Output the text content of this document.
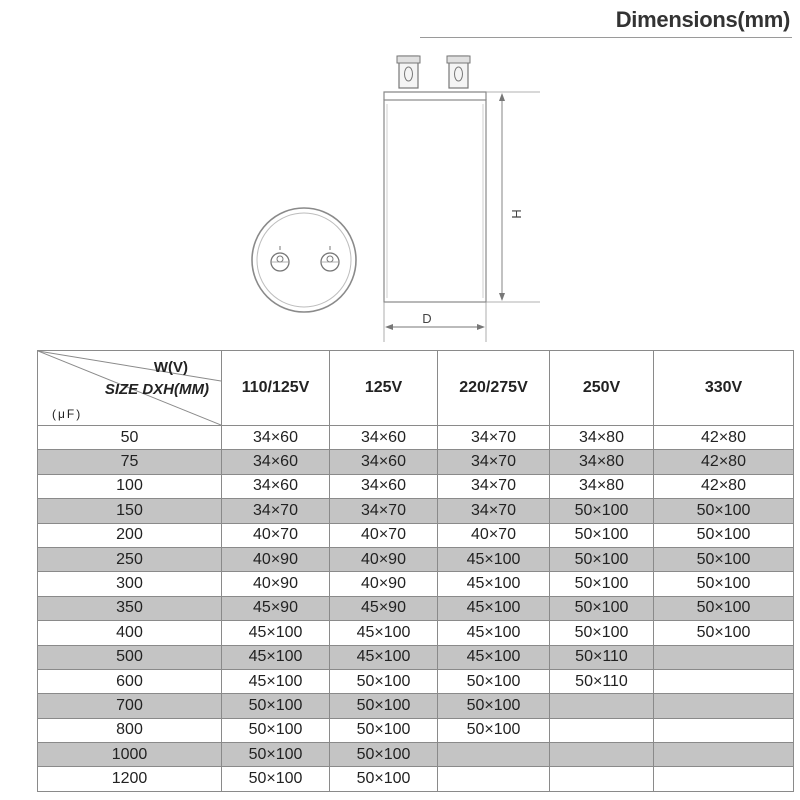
Dimensions(mm)
H
D
W(V)
SIZE DXH(MM)
(μF)	110/125V	125V	220/275V	250V	330V
50	34×60	34×60	34×70	34×80	42×80
75	34×60	34×60	34×70	34×80	42×80
100	34×60	34×60	34×70	34×80	42×80
150	34×70	34×70	34×70	50×100	50×100
200	40×70	40×70	40×70	50×100	50×100
250	40×90	40×90	45×100	50×100	50×100
300	40×90	40×90	45×100	50×100	50×100
350	45×90	45×90	45×100	50×100	50×100
400	45×100	45×100	45×100	50×100	50×100
500	45×100	45×100	45×100	50×110	
600	45×100	50×100	50×100	50×110	
700	50×100	50×100	50×100		
800	50×100	50×100	50×100		
1000	50×100	50×100			
1200	50×100	50×100			
